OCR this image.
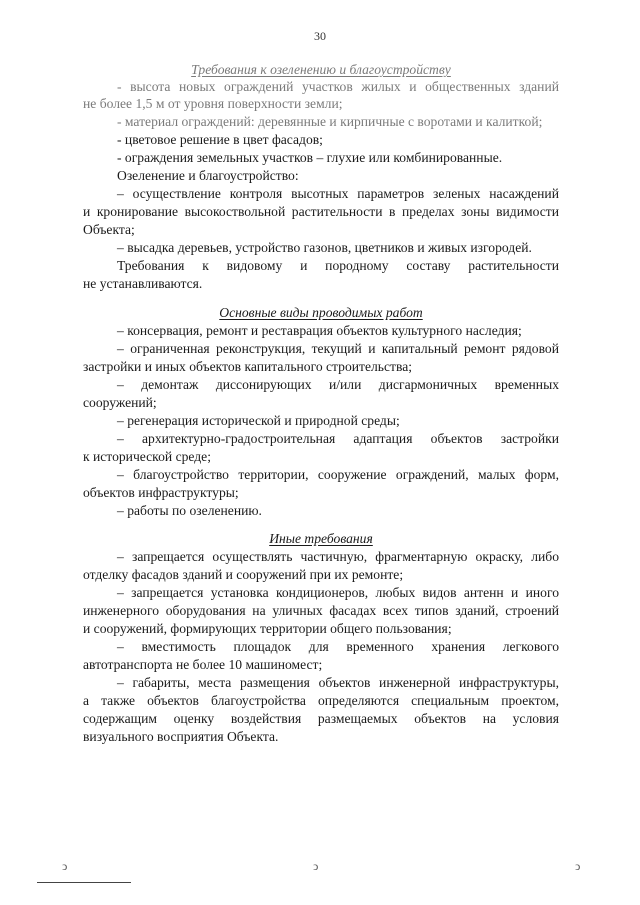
30
Требования к озеленению и благоустройству
- высота новых ограждений участков жилых и общественных зданий
не более 1,5 м от уровня поверхности земли;
- материал ограждений: деревянные и кирпичные с воротами и калиткой;
- цветовое решение в цвет фасадов;
- ограждения земельных участков – глухие или комбинированные.
Озеленение и благоустройство:
– осуществление контроля высотных параметров зеленых насаждений
и кронирование высокоствольной растительности в пределах зоны видимости
Объекта;
– высадка деревьев, устройство газонов, цветников и живых изгородей.
Требования к видовому и породному составу растительности
не устанавливаются.
Основные виды проводимых работ
– консервация, ремонт и реставрация объектов культурного наследия;
– ограниченная реконструкция, текущий и капитальный ремонт рядовой
застройки и иных объектов капитального строительства;
– демонтаж диссонирующих и/или дисгармоничных временных
сооружений;
– регенерация исторической и природной среды;
– архитектурно-градостроительная адаптация объектов застройки
к исторической среде;
– благоустройство территории, сооружение ограждений, малых форм,
объектов инфраструктуры;
– работы по озеленению.
Иные требования
– запрещается осуществлять частичную, фрагментарную окраску, либо
отделку фасадов зданий и сооружений при их ремонте;
– запрещается установка кондиционеров, любых видов антенн и иного
инженерного оборудования на уличных фасадах всех типов зданий, строений
и сооружений, формирующих территории общего пользования;
– вместимость площадок для временного хранения легкового
автотранспорта не более 10 машиномест;
– габариты, места размещения объектов инженерной инфраструктуры,
а также объектов благоустройства определяются специальным проектом,
содержащим оценку воздействия размещаемых объектов на условия
визуального восприятия Объекта.
ↄ	ↄ	ↄ
